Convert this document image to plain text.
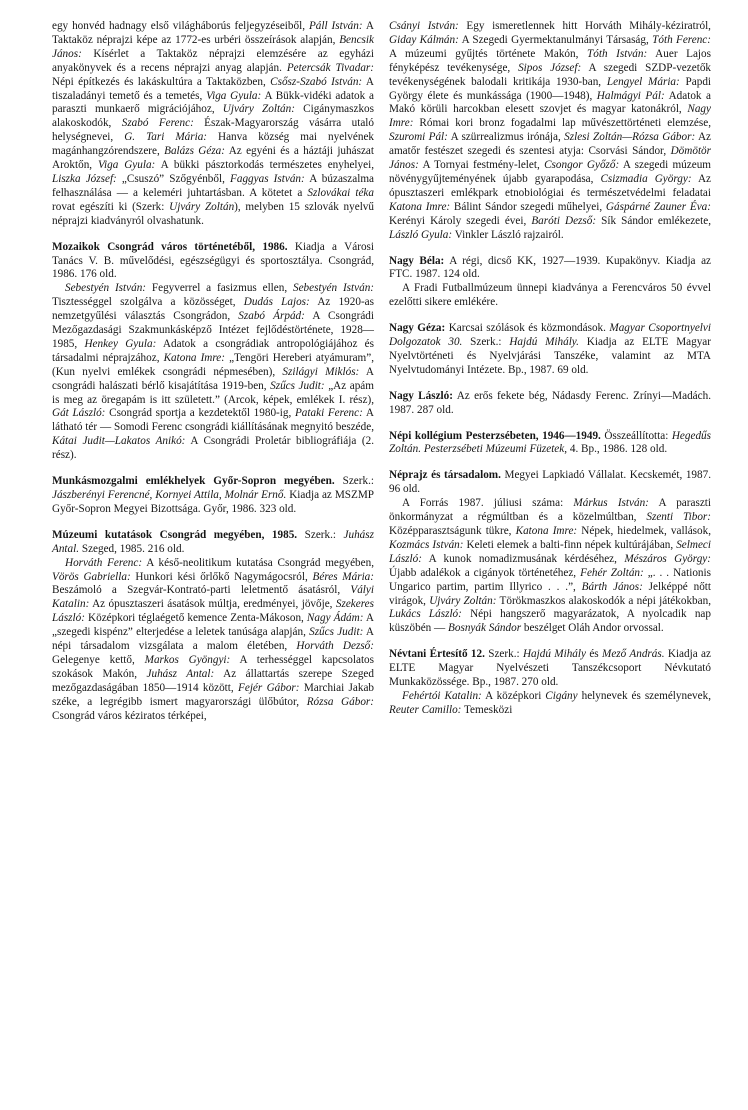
egy honvéd hadnagy első világháborús feljegyzéseiből, Páll István: A Taktaköz néprajzi képe az 1772-es urbéri összeírások alapján, Bencsik János: Kísérlet a Taktaköz néprajzi elemzésére az egyházi anyakönyvek és a recens néprajzi anyag alapján. Petercsák Tivadar: Népi építkezés és lakáskultúra a Taktaközben, Csősz-Szabó István: A tiszaladányi temető és a temetés, Viga Gyula: A Bükk-vidéki adatok a paraszti munkaerő migrációjához, Ujváry Zoltán: Cigánymaszkos alakoskodók, Szabó Ferenc: Észak-Magyarország vásárra utaló helységnevei, G. Tari Mária: Hanva község mai nyelvének magánhangzórendszere, Balázs Géza: Az egyéni és a háztáji juhászat Aroktőn, Viga Gyula: A bükki pásztorkodás természetes enyhelyei, Liszka József: „Csuszó” Szőgyénből, Faggyas István: A búzaszalma felhasználása — a keleméri juhtartásban. A kötetet a Szlovákai téka rovat egészíti ki (Szerk: Ujváry Zoltán), melyben 15 szlovák nyelvű néprajzi kiadványról olvashatunk.

Mozaikok Csongrád város történetéből, 1986. Kiadja a Városi Tanács V. B. művelődési, egészségügyi és sportosztálya. Csongrád, 1986. 176 old.

Sebestyén István: Fegyverrel a fasizmus ellen, Sebestyén István: Tisztességgel szolgálva a közösséget, Dudás Lajos: Az 1920-as nemzetgyűlési választás Csongrádon, Szabó Árpád: A Csongrádi Mezőgazdasági Szakmunkásképző Intézet fejlődéstörténete, 1928—1985, Henkey Gyula: Adatok a csongrádiak antropológiájához és társadalmi néprajzához, Katona Imre: „Tengöri Hereberi atyámuram”, (Kun nyelvi emlékek csongrádi népmesében), Szilágyi Miklós: A csongrádi halászati bérlő kisajátítása 1919-ben, Szűcs Judit: „Az apám is meg az öregapám is itt született.” (Arcok, képek, emlékek I. rész), Gát László: Csongrád sportja a kezdetektől 1980-ig, Pataki Ferenc: A látható tér — Somodi Ferenc csongrádi kiállításának megnyitó beszéde, Kátai Judit—Lakatos Anikó: A Csongrádi Proletár bibliográfiája (2. rész).

Munkásmozgalmi emlékhelyek Győr-Sopron megyében. Szerk.: Jászberényi Ferencné, Kornyei Attila, Molnár Ernő. Kiadja az MSZMP Győr-Sopron Megyei Bizottsága. Győr, 1986. 323 old.

Múzeumi kutatások Csongrád megyében, 1985. Szerk.: Juhász Antal. Szeged, 1985. 216 old.

Horváth Ferenc: A késő-neolitikum kutatása Csongrád megyében, Vörös Gabriella: Hunkori kési őrlőkő Nagymágocsról, Béres Mária: Beszámoló a Szegvár-Kontrató-parti leletmentő ásatásról, Vályi Katalin: Az ópusztaszeri ásatások múltja, eredményei, jövője, Szekeres László: Középkori téglaégető kemence Zenta-Mákoson, Nagy Ádám: A „szegedi kispénz” elterjedése a leletek tanúsága alapján, Szűcs Judit: A népi társadalom vizsgálata a malom életében, Horváth Dezső: Gelegenye kettő, Markos Gyöngyi: A terhességgel kapcsolatos szokások Makón, Juhász Antal: Az állattartás szerepe Szeged mezőgazdaságában 1850—1914 között, Fejér Gábor: Marchiai Jakab széke, a legrégibb ismert magyarországi ülőbútor, Rózsa Gábor: Csongrád város kéziratos térképei,

Csányi István: Egy ismeretlennek hitt Horváth Mihály-kéziratról, Giday Kálmán: A Szegedi Gyermektanulmányi Társaság, Tóth Ferenc: A múzeumi gyűjtés története Makón, Tóth István: Auer Lajos fényképész tevékenysége, Sipos József: A szegedi SZDP-vezetők tevékenységének balodali kritikája 1930-ban, Lengyel Mária: Papdi György élete és munkássága (1900—1948), Halmágyi Pál: Adatok a Makó körüli harcokban elesett szovjet és magyar katonákról, Nagy Imre: Római kori bronz fogadalmi lap művészettörténeti elemzése, Szuromi Pál: A szürrealizmus irónája, Szlesi Zoltán—Rózsa Gábor: Az amatőr festészet szegedi és szentesi atyja: Csorvási Sándor, Dömötör János: A Tornyai festmény-lelet, Csongor Győző: A szegedi múzeum növénygyűjteményének újabb gyarapodása, Csizmadia György: Az ópusztaszeri emlékpark etnobiológiai és természetvédelmi feladatai Katona Imre: Bálint Sándor szegedi műhelyei, Gáspárné Zauner Éva: Kerényi Károly szegedi évei, Baróti Dezső: Sík Sándor emlékezete, László Gyula: Vinkler László rajzairól.

Nagy Béla: A régi, dicső KK, 1927—1939. Kupakönyv. Kiadja az FTC. 1987. 124 old.

A Fradi Futballmúzeum ünnepi kiadványa a Ferencváros 50 évvel ezelőtti sikere emlékére.

Nagy Géza: Karcsai szólások és közmondások. Magyar Csoportnyelvi Dolgozatok 30. Szerk.: Hajdú Mihály. Kiadja az ELTE Magyar Nyelvtörténeti és Nyelvjárási Tanszéke, valamint az MTA Nyelvtudományi Intézete. Bp., 1987. 69 old.

Nagy László: Az erős fekete bég, Nádasdy Ferenc. Zrínyi—Madách. 1987. 287 old.

Népi kollégium Pesterzsébeten, 1946—1949. Összeállította: Hegedűs Zoltán. Pesterzsébeti Múzeumi Füzetek, 4. Bp., 1986. 128 old.

Néprajz és társadalom. Megyei Lapkiadó Vállalat. Kecskemét, 1987. 96 old.

A Forrás 1987. júliusi száma: Márkus István: A paraszti önkormányzat a régmúltban és a közelmúltban, Szenti Tibor: Középparasztságunk tükre, Katona Imre: Népek, hiedelmek, vallások, Kozmács István: Keleti elemek a balti-finn népek kultúrájában, Selmeci László: A kunok nomadizmusának kérdéséhez, Mészáros György: Újabb adalékok a cigányok történetéhez, Fehér Zoltán: „. . . Nationis Ungarico partim, partim Illyrico . . .”, Bárth János: Jelképpé nőtt virágok, Ujváry Zoltán: Törökmaszkos alakoskodók a népi játékokban, Lukács László: Népi hangszerő magyarázatok, A nyolcadik nap küszöbén — Bosnyák Sándor beszélget Oláh Andor orvossal.

Névtani Értesítő 12. Szerk.: Hajdú Mihály és Mező András. Kiadja az ELTE Magyar Nyelvészeti Tanszékcsoport Névkutató Munkaközössége. Bp., 1987. 270 old.

Fehértói Katalin: A középkori Cigány helynevek és személynevek, Reuter Camillo: Temesközi
